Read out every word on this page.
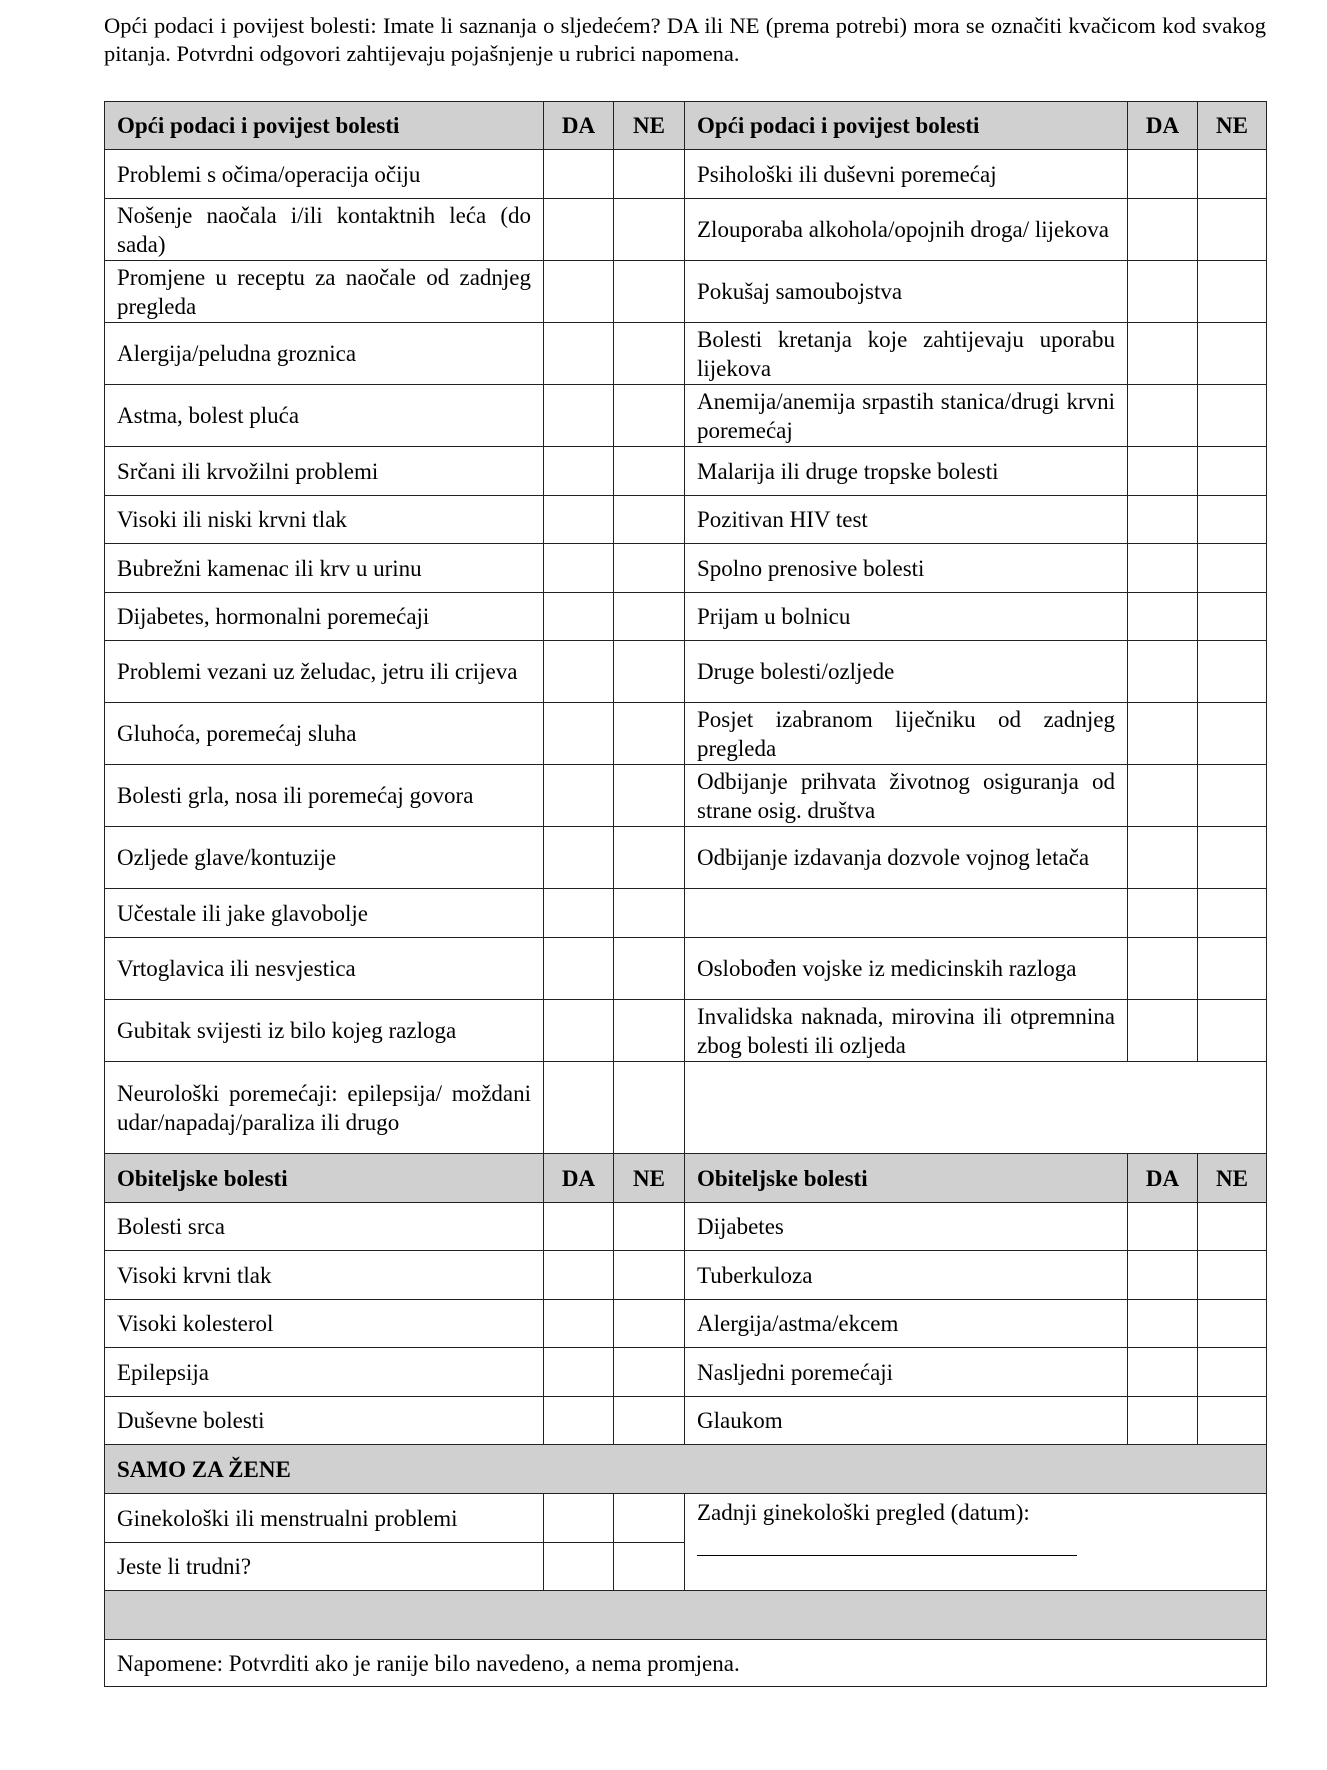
Opći podaci i povijest bolesti: Imate li saznanja o sljedećem? DA ili NE (prema potrebi) mora se označiti kvačicom kod svakog pitanja. Potvrdni odgovori zahtijevaju pojašnjenje u rubrici napomena.
Opći podaci i povijest bolesti	DA	NE	Opći podaci i povijest bolesti	DA	NE
Problemi s očima/operacija očiju			Psihološki ili duševni poremećaj		
Nošenje naočala i/ili kontaktnih leća (do sada)			Zlouporaba alkohola/opojnih droga/ lijekova		
Promjene u receptu za naočale od zadnjeg pregleda			Pokušaj samoubojstva		
Alergija/peludna groznica			Bolesti kretanja koje zahtijevaju uporabu lijekova		
Astma, bolest pluća			Anemija/anemija srpastih stanica/drugi krvni poremećaj		
Srčani ili krvožilni problemi			Malarija ili druge tropske bolesti		
Visoki ili niski krvni tlak			Pozitivan HIV test		
Bubrežni kamenac ili krv u urinu			Spolno prenosive bolesti		
Dijabetes, hormonalni poremećaji			Prijam u bolnicu		
Problemi vezani uz želudac, jetru ili crijeva			Druge bolesti/ozljede		
Gluhoća, poremećaj sluha			Posjet izabranom liječniku od zadnjeg pregleda		
Bolesti grla, nosa ili poremećaj govora			Odbijanje prihvata životnog osiguranja od strane osig. društva		
Ozljede glave/kontuzije			Odbijanje izdavanja dozvole vojnog letača		
Učestale ili jake glavobolje					
Vrtoglavica ili nesvjestica			Oslobođen vojske iz medicinskih razloga		
Gubitak svijesti iz bilo kojeg razloga			Invalidska naknada, mirovina ili otpremnina zbog bolesti ili ozljeda		
Neurološki poremećaji: epilepsija/ moždani udar/napadaj/paraliza ili drugo					
Obiteljske bolesti	DA	NE	Obiteljske bolesti	DA	NE
Bolesti srca			Dijabetes		
Visoki krvni tlak			Tuberkuloza		
Visoki kolesterol			Alergija/astma/ekcem		
Epilepsija			Nasljedni poremećaji		
Duševne bolesti			Glaukom		
SAMO ZA ŽENE					
Ginekološki ili menstrualni problemi			Zadnji ginekološki pregled (datum):		

Jeste li trudni?					

Napomene: Potvrditi ako je ranije bilo navedeno, a nema promjena.					
